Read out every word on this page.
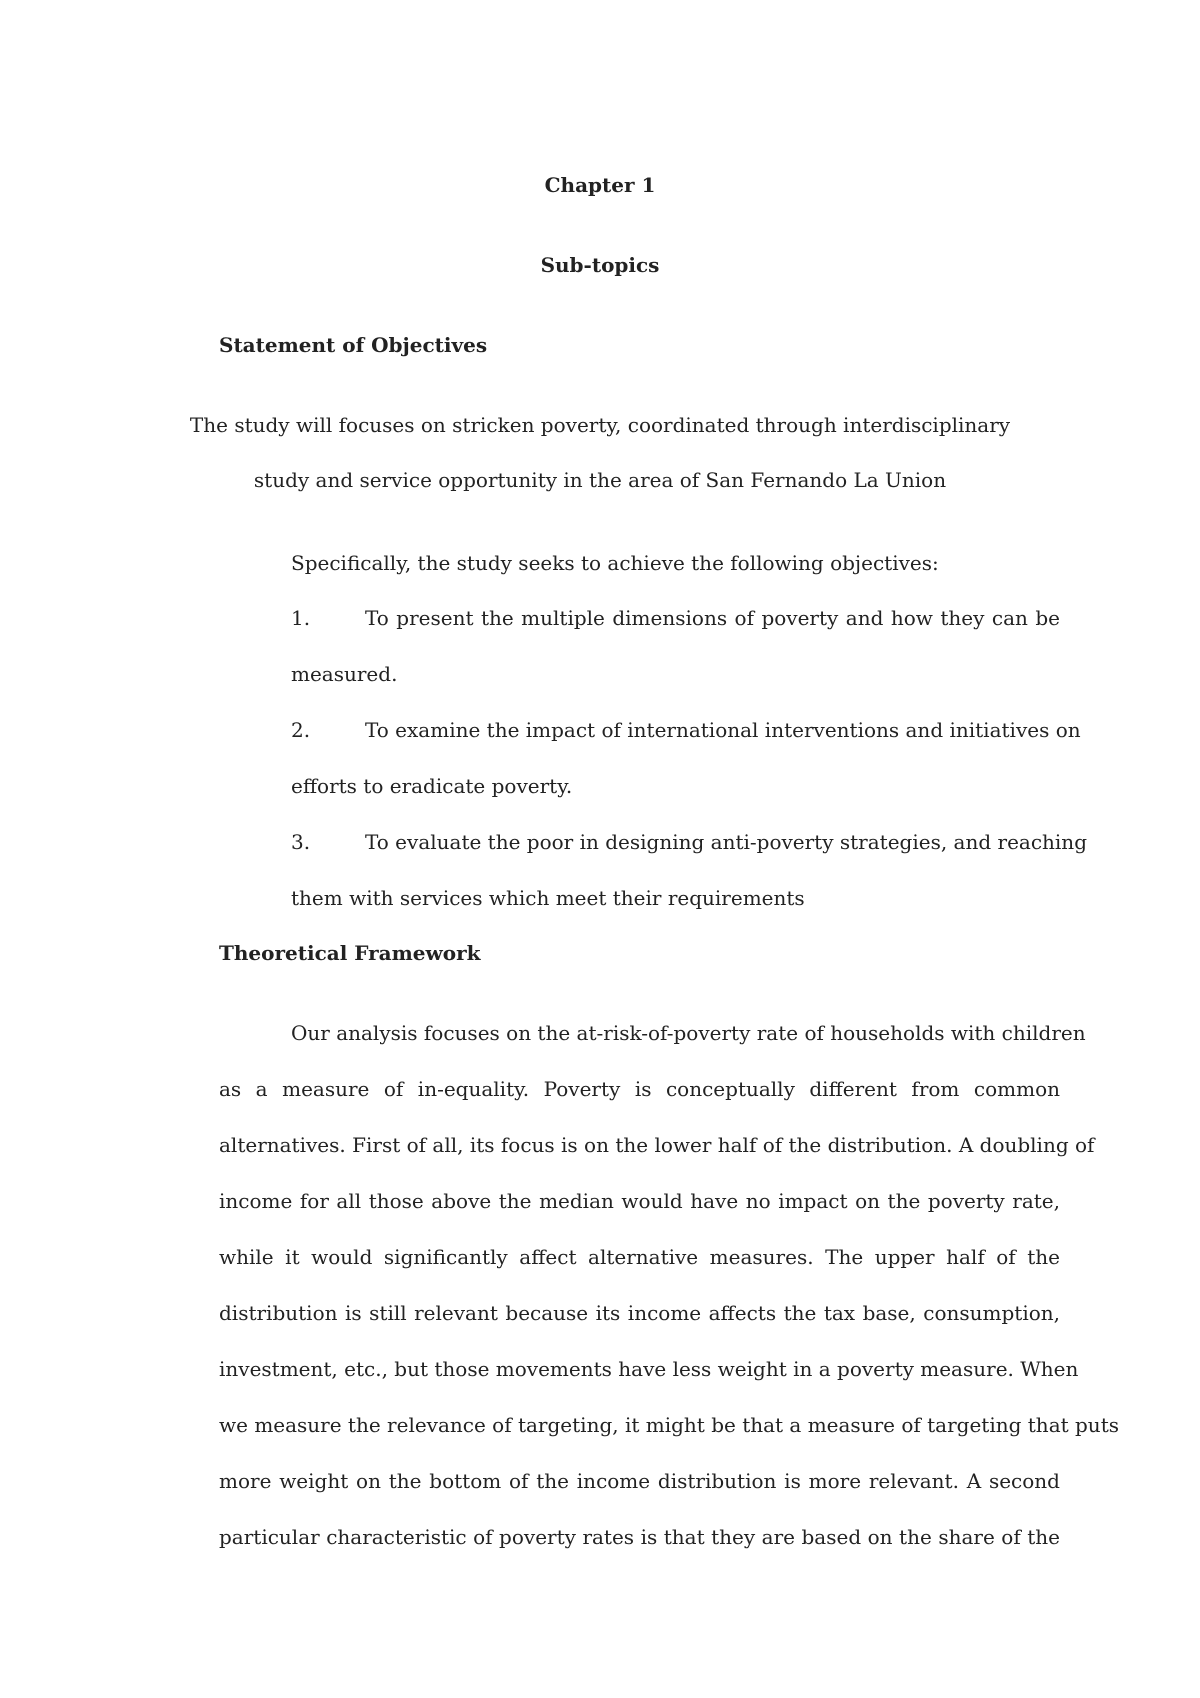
Chapter 1
Sub-topics
Statement of Objectives
The study will focuses on stricken poverty, coordinated through interdisciplinary
study and service opportunity in the area of San Fernando La Union
Specifically, the study seeks to achieve the following objectives:
1.	To present the multiple dimensions of poverty and how they can be
measured.
2.	To examine the impact of international interventions and initiatives on
efforts to eradicate poverty.
3.	To evaluate the poor in designing anti-poverty strategies, and reaching
them with services which meet their requirements
Theoretical Framework
Our analysis focuses on the at-risk-of-poverty rate of households with children
as a measure of in-equality. Poverty is conceptually different from common
alternatives. First of all, its focus is on the lower half of the distribution. A doubling of
income for all those above the median would have no impact on the poverty rate,
while it would significantly affect alternative measures. The upper half of the
distribution is still relevant because its income affects the tax base, consumption,
investment, etc., but those movements have less weight in a poverty measure. When
we measure the relevance of targeting, it might be that a measure of targeting that puts
more weight on the bottom of the income distribution is more relevant. A second
particular characteristic of poverty rates is that they are based on the share of the
